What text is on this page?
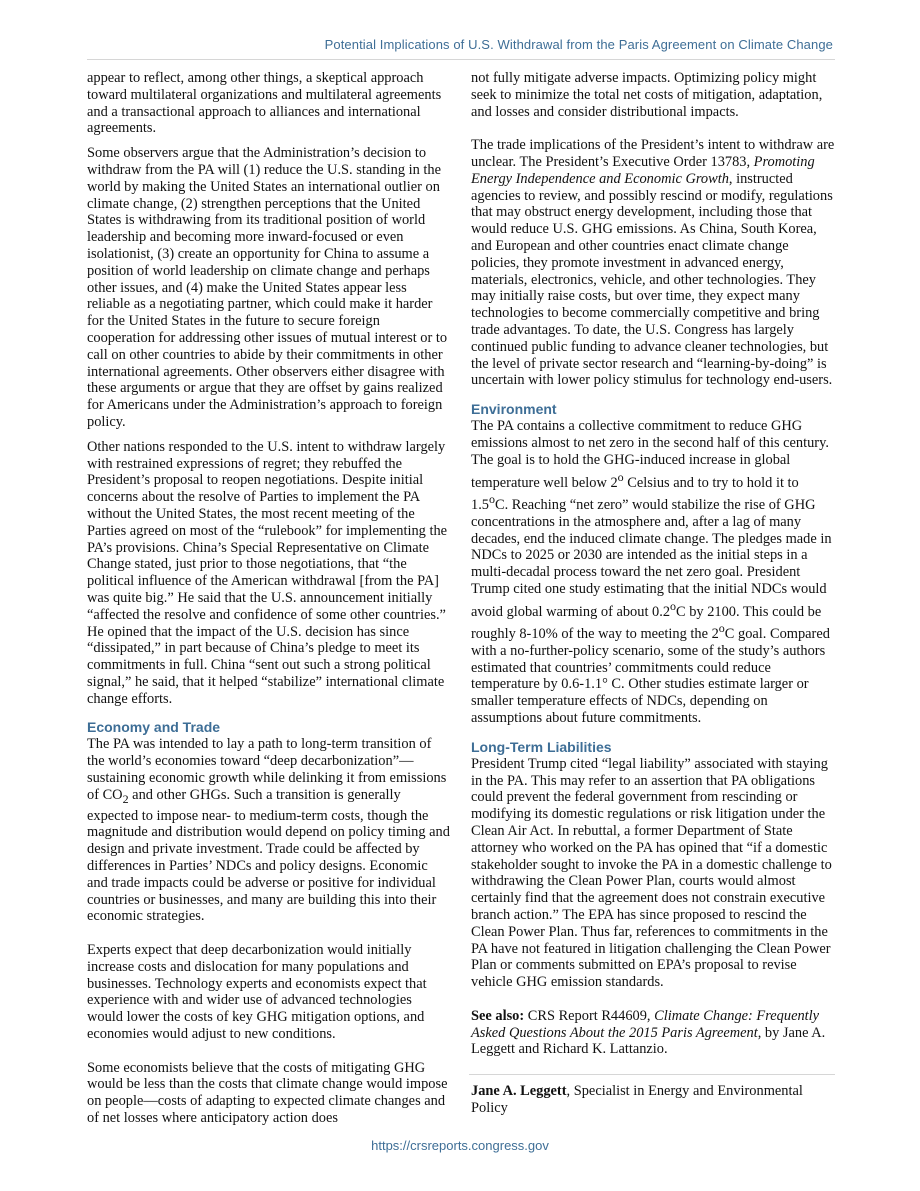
Potential Implications of U.S. Withdrawal from the Paris Agreement on Climate Change

appear to reflect, among other things, a skeptical approach toward multilateral organizations and multilateral agreements and a transactional approach to alliances and international agreements.

Some observers argue that the Administration’s decision to withdraw from the PA will (1) reduce the U.S. standing in the world by making the United States an international outlier on climate change, (2) strengthen perceptions that the United States is withdrawing from its traditional position of world leadership and becoming more inward-focused or even isolationist, (3) create an opportunity for China to assume a position of world leadership on climate change and perhaps other issues, and (4) make the United States appear less reliable as a negotiating partner, which could make it harder for the United States in the future to secure foreign cooperation for addressing other issues of mutual interest or to call on other countries to abide by their commitments in other international agreements. Other observers either disagree with these arguments or argue that they are offset by gains realized for Americans under the Administration’s approach to foreign policy.

Other nations responded to the U.S. intent to withdraw largely with restrained expressions of regret; they rebuffed the President’s proposal to reopen negotiations. Despite initial concerns about the resolve of Parties to implement the PA without the United States, the most recent meeting of the Parties agreed on most of the “rulebook” for implementing the PA’s provisions. China’s Special Representative on Climate Change stated, just prior to those negotiations, that “the political influence of the American withdrawal [from the PA] was quite big.” He said that the U.S. announcement initially “affected the resolve and confidence of some other countries.” He opined that the impact of the U.S. decision has since “dissipated,” in part because of China’s pledge to meet its commitments in full. China “sent out such a strong political signal,” he said, that it helped “stabilize” international climate change efforts.

Economy and Trade

The PA was intended to lay a path to long-term transition of the world’s economies toward “deep decarbonization”—sustaining economic growth while delinking it from emissions of $CO_2$ and other GHGs. Such a transition is generally expected to impose near- to medium-term costs, though the magnitude and distribution would depend on policy timing and design and private investment. Trade could be affected by differences in Parties’ NDCs and policy designs. Economic and trade impacts could be adverse or positive for individual countries or businesses, and many are building this into their economic strategies.

Experts expect that deep decarbonization would initially increase costs and dislocation for many populations and businesses. Technology experts and economists expect that experience with and wider use of advanced technologies would lower the costs of key GHG mitigation options, and economies would adjust to new conditions.

Some economists believe that the costs of mitigating GHG would be less than the costs that climate change would impose on people—costs of adapting to expected climate changes and of net losses where anticipatory action does

not fully mitigate adverse impacts. Optimizing policy might seek to minimize the total net costs of mitigation, adaptation, and losses and consider distributional impacts.

The trade implications of the President’s intent to withdraw are unclear. The President’s Executive Order 13783, Promoting Energy Independence and Economic Growth, instructed agencies to review, and possibly rescind or modify, regulations that may obstruct energy development, including those that would reduce U.S. GHG emissions. As China, South Korea, and European and other countries enact climate change policies, they promote investment in advanced energy, materials, electronics, vehicle, and other technologies. They may initially raise costs, but over time, they expect many technologies to become commercially competitive and bring trade advantages. To date, the U.S. Congress has largely continued public funding to advance cleaner technologies, but the level of private sector research and “learning-by-doing” is uncertain with lower policy stimulus for technology end-users.

Environment

The PA contains a collective commitment to reduce GHG emissions almost to net zero in the second half of this century. The goal is to hold the GHG-induced increase in global temperature well below 2$^o$ Celsius and to try to hold it to 1.5$^o$C. Reaching “net zero” would stabilize the rise of GHG concentrations in the atmosphere and, after a lag of many decades, end the induced climate change. The pledges made in NDCs to 2025 or 2030 are intended as the initial steps in a multi-decadal process toward the net zero goal. President Trump cited one study estimating that the initial NDCs would avoid global warming of about 0.2$^o$C by 2100. This could be roughly 8-10% of the way to meeting the 2$^o$C goal. Compared with a no-further-policy scenario, some of the study’s authors estimated that countries’ commitments could reduce temperature by 0.6-1.1° C. Other studies estimate larger or smaller temperature effects of NDCs, depending on assumptions about future commitments.

Long-Term Liabilities

President Trump cited “legal liability” associated with staying in the PA. This may refer to an assertion that PA obligations could prevent the federal government from rescinding or modifying its domestic regulations or risk litigation under the Clean Air Act. In rebuttal, a former Department of State attorney who worked on the PA has opined that “if a domestic stakeholder sought to invoke the PA in a domestic challenge to withdrawing the Clean Power Plan, courts would almost certainly find that the agreement does not constrain executive branch action.” The EPA has since proposed to rescind the Clean Power Plan. Thus far, references to commitments in the PA have not featured in litigation challenging the Clean Power Plan or comments submitted on EPA’s proposal to revise vehicle GHG emission standards.

See also: CRS Report R44609, Climate Change: Frequently Asked Questions About the 2015 Paris Agreement, by Jane A. Leggett and Richard K. Lattanzio.

Jane A. Leggett, Specialist in Energy and Environmental Policy

https://crsreports.congress.gov
